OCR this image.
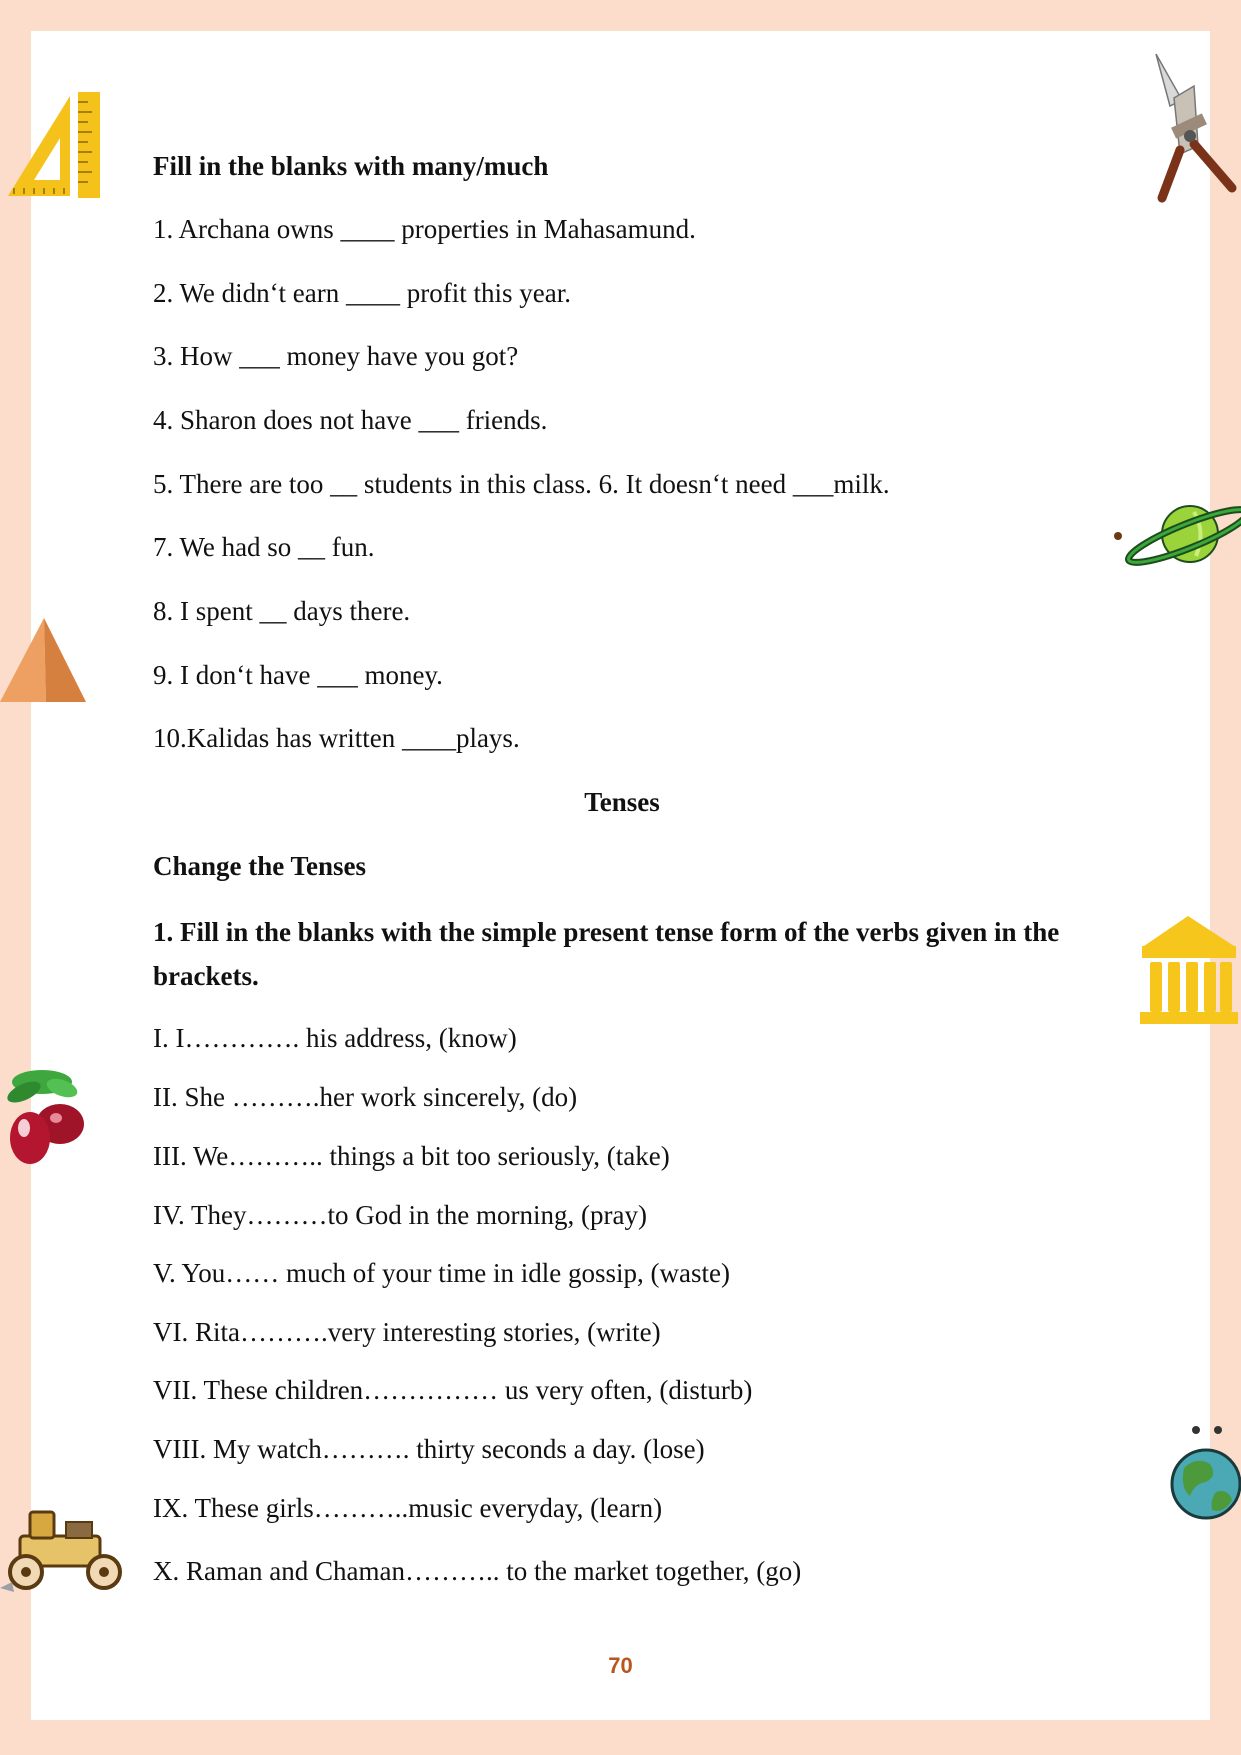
Fill in the blanks with many/much
1. Archana owns ____ properties in Mahasamund.
2. We didn‘t earn ____ profit this year.
3. How ___ money have you got?
4. Sharon does not have ___ friends.
5. There are too __ students in this class. 6. It doesn‘t need ___milk.
7. We had so __ fun.
8. I spent __ days there.
9. I don‘t have ___ money.
10.Kalidas has written ____plays.
Tenses
Change the Tenses
1. Fill in the blanks with the simple present tense form of the verbs given in the brackets.
I. I…………. his address, (know)
II. She ……….her work sincerely, (do)
III. We……….. things a bit too seriously, (take)
IV. They………to God in the morning, (pray)
V. You…… much of your time in idle gossip, (waste)
VI. Rita……….very interesting stories, (write)
VII. These children…………… us very often, (disturb)
VIII. My watch………. thirty seconds a day. (lose)
IX. These girls………..music everyday, (learn)
X. Raman and Chaman……….. to the market together, (go)
70
